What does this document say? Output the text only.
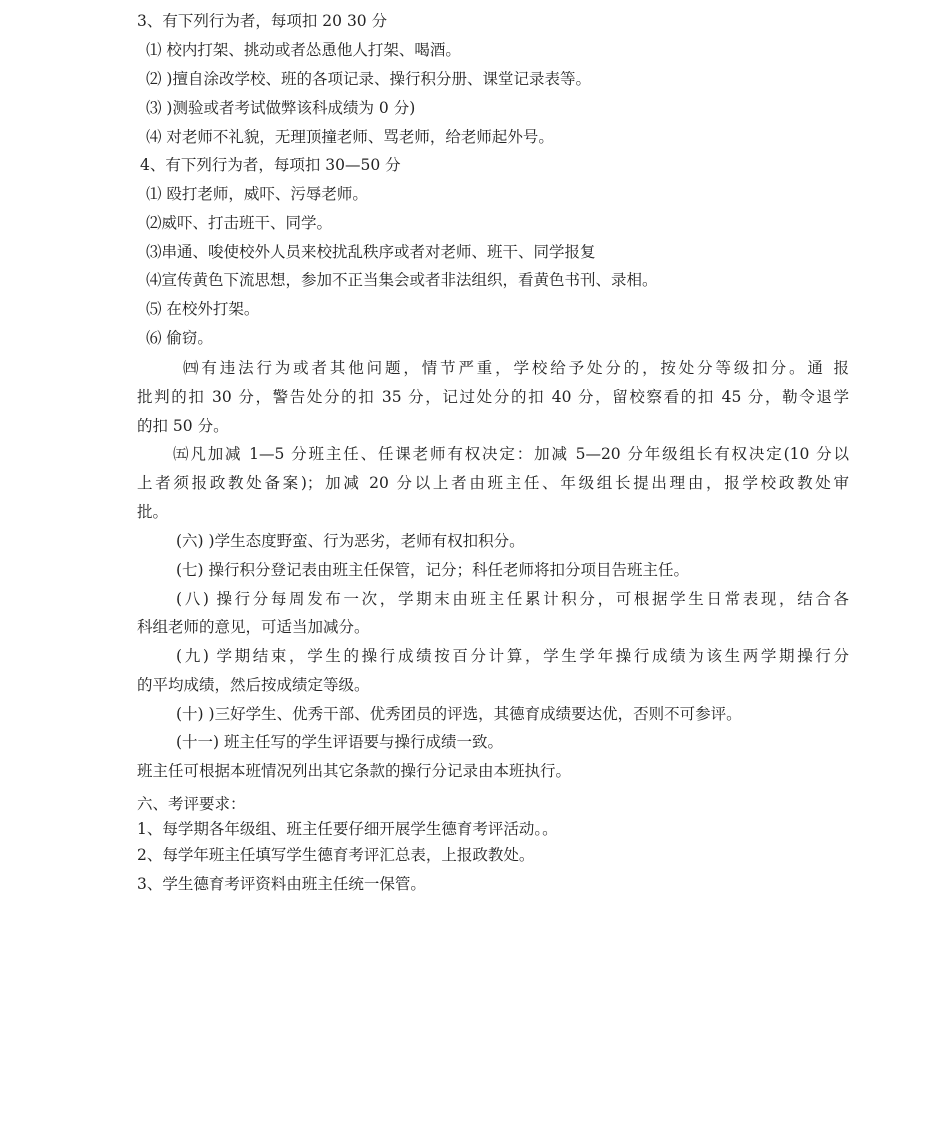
3、有下列行为者，每项扣 20 30 分
⑴ 校内打架、挑动或者怂恿他人打架、喝酒。
⑵ )擅自涂改学校、班的各项记录、操行积分册、课堂记录表等。
⑶ )测验或者考试做弊该科成绩为 0 分)
⑷ 对老师不礼貌，无理顶撞老师、骂老师，给老师起外号。
4、有下列行为者，每项扣 30—50 分
⑴ 殴打老师，威吓、污辱老师。
⑵威吓、打击班干、同学。
⑶串通、唆使校外人员来校扰乱秩序或者对老师、班干、同学报复
⑷宣传黄色下流思想，参加不正当集会或者非法组织，看黄色书刊、录相。
⑸ 在校外打架。
⑹ 偷窃。
㈣有违法行为或者其他问题，情节严重，学校给予处分的，按处分等级扣分。通 报
批判的扣 30 分，警告处分的扣 35 分，记过处分的扣 40 分，留校察看的扣 45 分，勒令退学
的扣 50 分。
㈤凡加减 1—5 分班主任、任课老师有权决定：加减 5—20 分年级组长有权决定(10 分以
上者须报政教处备案)；加减 20 分以上者由班主任、年级组长提出理由，报学校政教处审
批。
(六) )学生态度野蛮、行为恶劣，老师有权扣积分。
(七) 操行积分登记表由班主任保管，记分；科任老师将扣分项目告班主任。
(八) 操行分每周发布一次，学期末由班主任累计积分，可根据学生日常表现，结合各
科组老师的意见，可适当加减分。
(九) 学期结束，学生的操行成绩按百分计算，学生学年操行成绩为该生两学期操行分
的平均成绩，然后按成绩定等级。
(十) )三好学生、优秀干部、优秀团员的评选，其德育成绩要达优，否则不可参评。
(十一) 班主任写的学生评语要与操行成绩一致。
班主任可根据本班情况列出其它条款的操行分记录由本班执行。
六、考评要求：
1、每学期各年级组、班主任要仔细开展学生德育考评活动。。
2、每学年班主任填写学生德育考评汇总表，上报政教处。
3、学生德育考评资料由班主任统一保管。
